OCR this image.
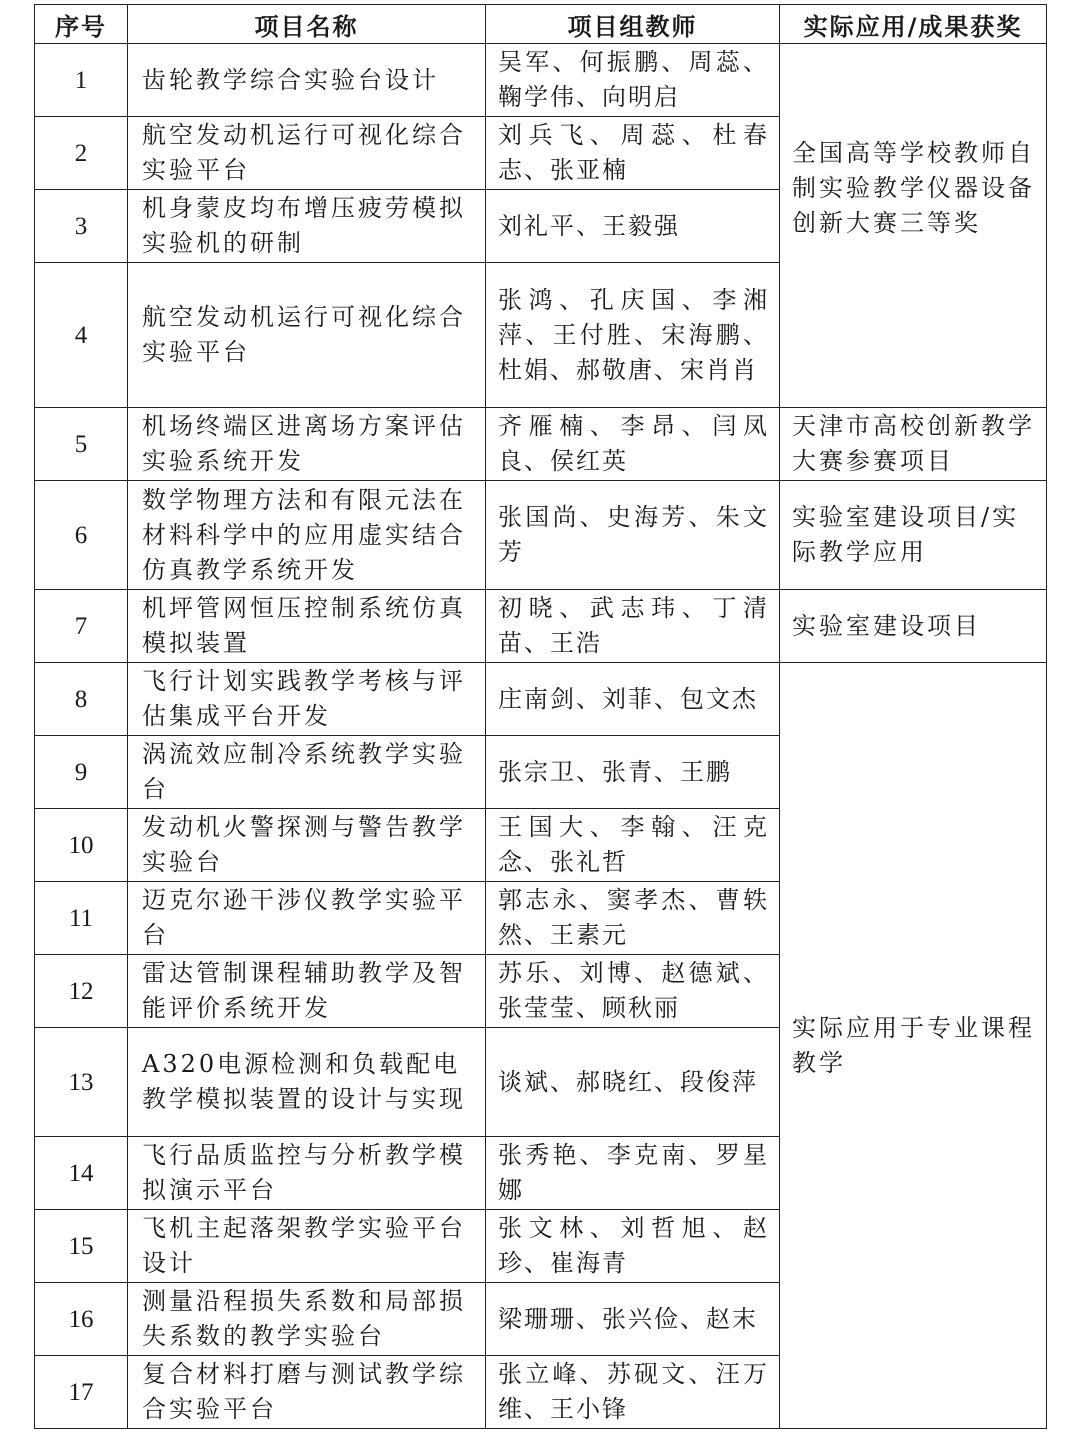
序号	项目名称	项目组教师	实际应用/成果获奖
1	齿轮教学综合实验台设计	吴军、何振鹏、周蕊、鞠学伟、向明启	全国高等学校教师自制实验教学仪器设备创新大赛三等奖
2	航空发动机运行可视化综合实验平台	刘兵飞、周蕊、杜春志、张亚楠	
3	机身蒙皮均布增压疲劳模拟实验机的研制	刘礼平、王毅强	
4	航空发动机运行可视化综合实验平台	张鸿、孔庆国、李湘萍、王付胜、宋海鹏、杜娟、郝敬唐、宋肖肖	
5	机场终端区进离场方案评估实验系统开发	齐雁楠、李昂、闫凤良、侯红英	天津市高校创新教学大赛参赛项目
6	数学物理方法和有限元法在材料科学中的应用虚实结合仿真教学系统开发	张国尚、史海芳、朱文芳	实验室建设项目/实际教学应用
7	机坪管网恒压控制系统仿真模拟装置	初晓、武志玮、丁清苗、王浩	实验室建设项目
8	飞行计划实践教学考核与评估集成平台开发	庄南剑、刘菲、包文杰	实际应用于专业课程教学
9	涡流效应制冷系统教学实验台	张宗卫、张青、王鹏	
10	发动机火警探测与警告教学实验台	王国大、李翰、汪克念、张礼哲	
11	迈克尔逊干涉仪教学实验平台	郭志永、窦孝杰、曹轶然、王素元	
12	雷达管制课程辅助教学及智能评价系统开发	苏乐、刘博、赵德斌、张莹莹、顾秋丽	
13	A320电源检测和负载配电教学模拟装置的设计与实现	谈斌、郝晓红、段俊萍	
14	飞行品质监控与分析教学模拟演示平台	张秀艳、李克南、罗星娜	
15	飞机主起落架教学实验平台设计	张文林、刘哲旭、赵珍、崔海青	
16	测量沿程损失系数和局部损失系数的教学实验台	梁珊珊、张兴俭、赵末	
17	复合材料打磨与测试教学综合实验平台	张立峰、苏砚文、汪万维、王小锋	
